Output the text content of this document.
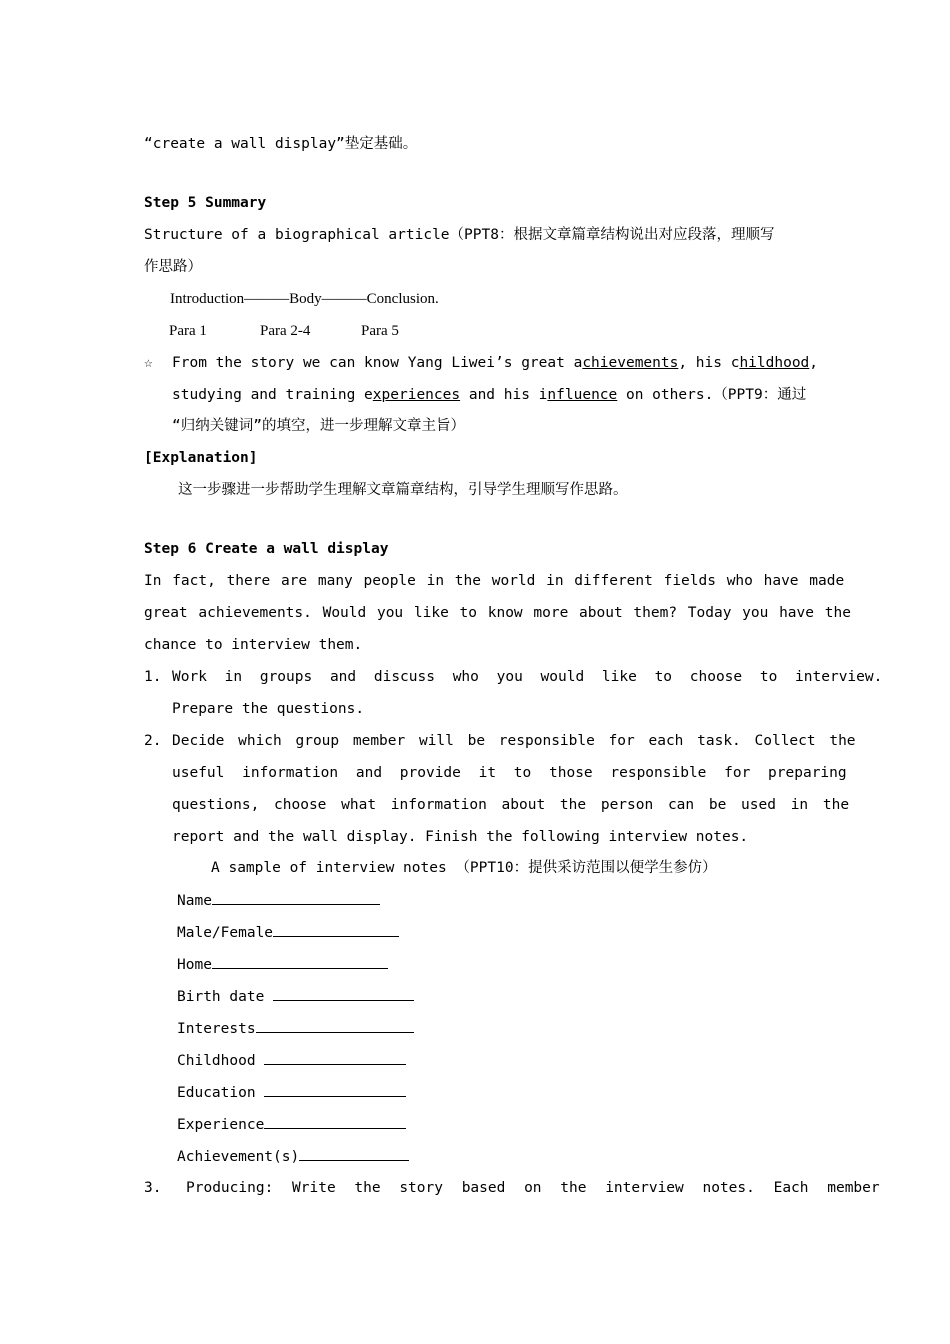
“create a wall display”垫定基础。
Step 5 Summary
Structure of a biographical article（PPT8：根据文章篇章结构说出对应段落，理顺写
作思路）
Introduction———Body———Conclusion.
Para 1	Para 2-4	Para 5
☆ From the story we can know Yang Liwei’s great achievements, his childhood,
studying and training experiences and his influence on others.（PPT9：通过
“归纳关键词”的填空，进一步理解文章主旨）
[Explanation]
这一步骤进一步帮助学生理解文章篇章结构，引导学生理顺写作思路。
Step 6 Create a wall display
In fact, there are many people in the world in different fields who have made
great achievements. Would you like to know more about them? Today you have the
chance to interview them.
1. Work in groups and discuss who you would like to choose to interview.
Prepare the questions.
2. Decide which group member will be responsible for each task. Collect the
useful information and provide it to those responsible for preparing
questions, choose what information about the person can be used in the
report and the wall display. Finish the following interview notes.
A sample of interview notes （PPT10：提供采访范围以便学生参仿）
Name
Male/Female
Home
Birth date
Interests
Childhood
Education
Experience
Achievement(s)
3. Producing: Write the story based on the interview notes. Each member
